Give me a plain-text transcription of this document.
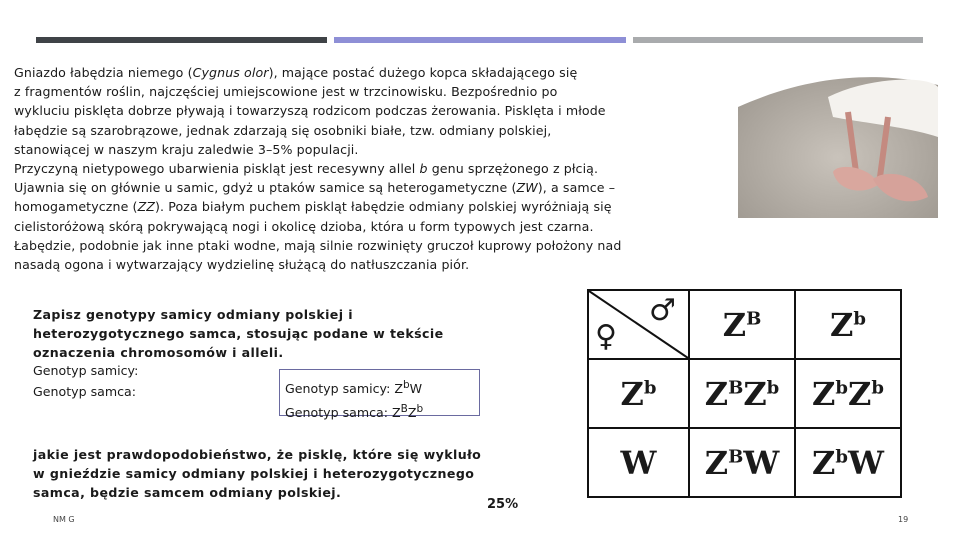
Gniazdo łabędzia niemego (Cygnus olor), mające postać dużego kopca składającego się
z fragmentów roślin, najczęściej umiejscowione jest w trzcinowisku. Bezpośrednio po
wykluciu pisklęta dobrze pływają i towarzyszą rodzicom podczas żerowania. Pisklęta i młode
łabędzie są szarobrązowe, jednak zdarzają się osobniki białe, tzw. odmiany polskiej,
stanowiącej w naszym kraju zaledwie 3–5% populacji.
Przyczyną nietypowego ubarwienia piskląt jest recesywny allel b genu sprzężonego z płcią.
Ujawnia się on głównie u samic, gdyż u ptaków samice są heterogametyczne (ZW), a samce –
homogametyczne (ZZ). Poza białym puchem piskląt łabędzie odmiany polskiej wyróżniają się
cielistoróżową skórą pokrywającą nogi i okolicę dzioba, która u form typowych jest czarna.
Łabędzie, podobnie jak inne ptaki wodne, mają silnie rozwinięty gruczoł kuprowy położony nad
nasadą ogona i wytwarzający wydzielinę służącą do natłuszczania piór.

Zapisz genotypy samicy odmiany polskiej i
heterozygotycznego samca, stosując podane w tekście
oznaczenia chromosomów i alleli.
Genotyp samicy:
Genotyp samca:	Genotyp samicy: $Z^bW$
Genotyp samca: $Z^BZ^b$
jakie jest prawdopodobieństwo, że pisklę, które się wykluło
w gnieździe samicy odmiany polskiej i heterozygotycznego
samca, będzie samcem odmiany polskiej.
25%
♂
♀	$Z^B$	$Z^b$
$Z^b$	$Z^BZ^b$	$Z^bZ^b$
W	$Z^BW$	$Z^bW$
NM G	19
